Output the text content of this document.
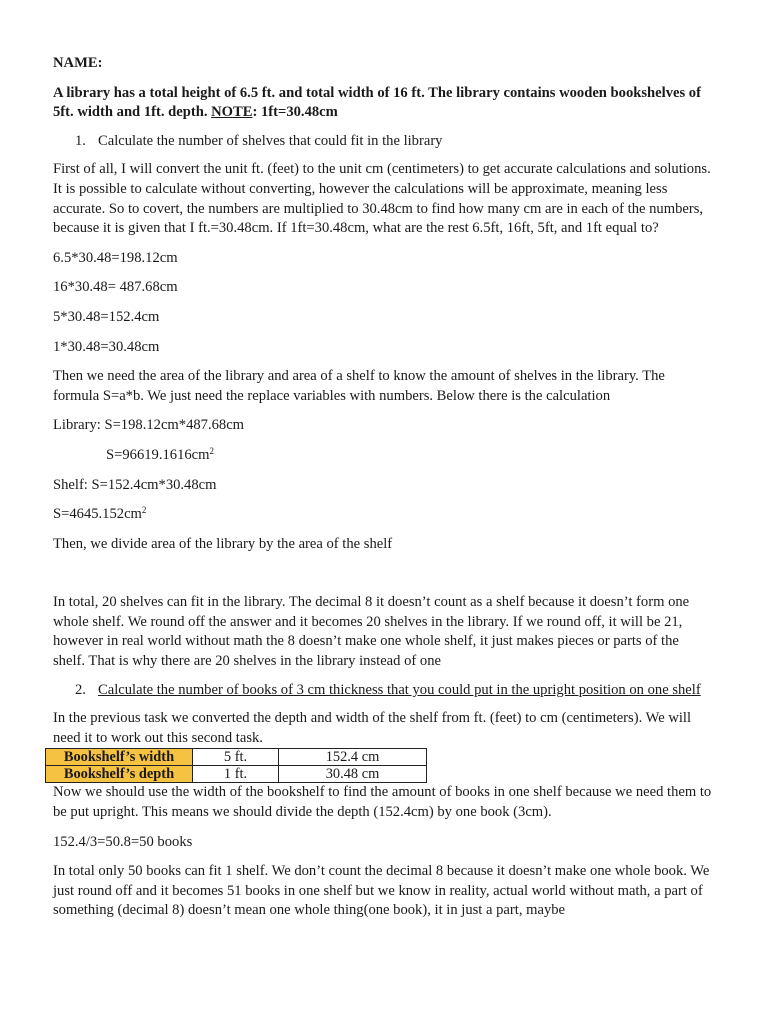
NAME:

A library has a total height of 6.5 ft. and total width of 16 ft. The library contains wooden bookshelves of 5ft. width and 1ft. depth. NOTE: 1ft=30.48cm

1. Calculate the number of shelves that could fit in the library

First of all, I will convert the unit ft. (feet) to the unit cm (centimeters) to get accurate calculations and solutions. It is possible to calculate without converting, however the calculations will be approximate, meaning less accurate. So to covert, the numbers are multiplied to 30.48cm to find how many cm are in each of the numbers, because it is given that I ft.=30.48cm. If 1ft=30.48cm, what are the rest 6.5ft, 16ft, 5ft, and 1ft equal to?

6.5*30.48=198.12cm

16*30.48= 487.68cm

5*30.48=152.4cm

1*30.48=30.48cm

Then we need the area of the library and area of a shelf to know the amount of shelves in the library. The formula S=a*b. We just need the replace variables with numbers. Below there is the calculation

Library: S=198.12cm*487.68cm

$S=96619.1616cm^2$

Shelf: S=152.4cm*30.48cm

$S=4645.152cm^2$

Then, we divide area of the library by the area of the shelf

In total, 20 shelves can fit in the library. The decimal 8 it doesn’t count as a shelf because it doesn’t form one whole shelf. We round off the answer and it becomes 20 shelves in the library. If we round off, it will be 21, however in real world without math the 8 doesn’t make one whole shelf, it just makes pieces or parts of the shelf. That is why there are 20 shelves in the library instead of one

2. Calculate the number of books of 3 cm thickness that you could put in the upright position on one shelf

In the previous task we converted the depth and width of the shelf from ft. (feet) to cm (centimeters). We will need it to work out this second task.

Bookshelf’s width	5 ft.	152.4 cm
Bookshelf’s depth	1 ft.	30.48 cm

Now we should use the width of the bookshelf to find the amount of books in one shelf because we need them to be put upright. This means we should divide the depth (152.4cm) by one book (3cm).

152.4/3=50.8=50 books

In total only 50 books can fit 1 shelf. We don’t count the decimal 8 because it doesn’t make one whole book. We just round off and it becomes 51 books in one shelf but we know in reality, actual world without math, a part of something (decimal 8) doesn’t mean one whole thing(one book), it in just a part, maybe
